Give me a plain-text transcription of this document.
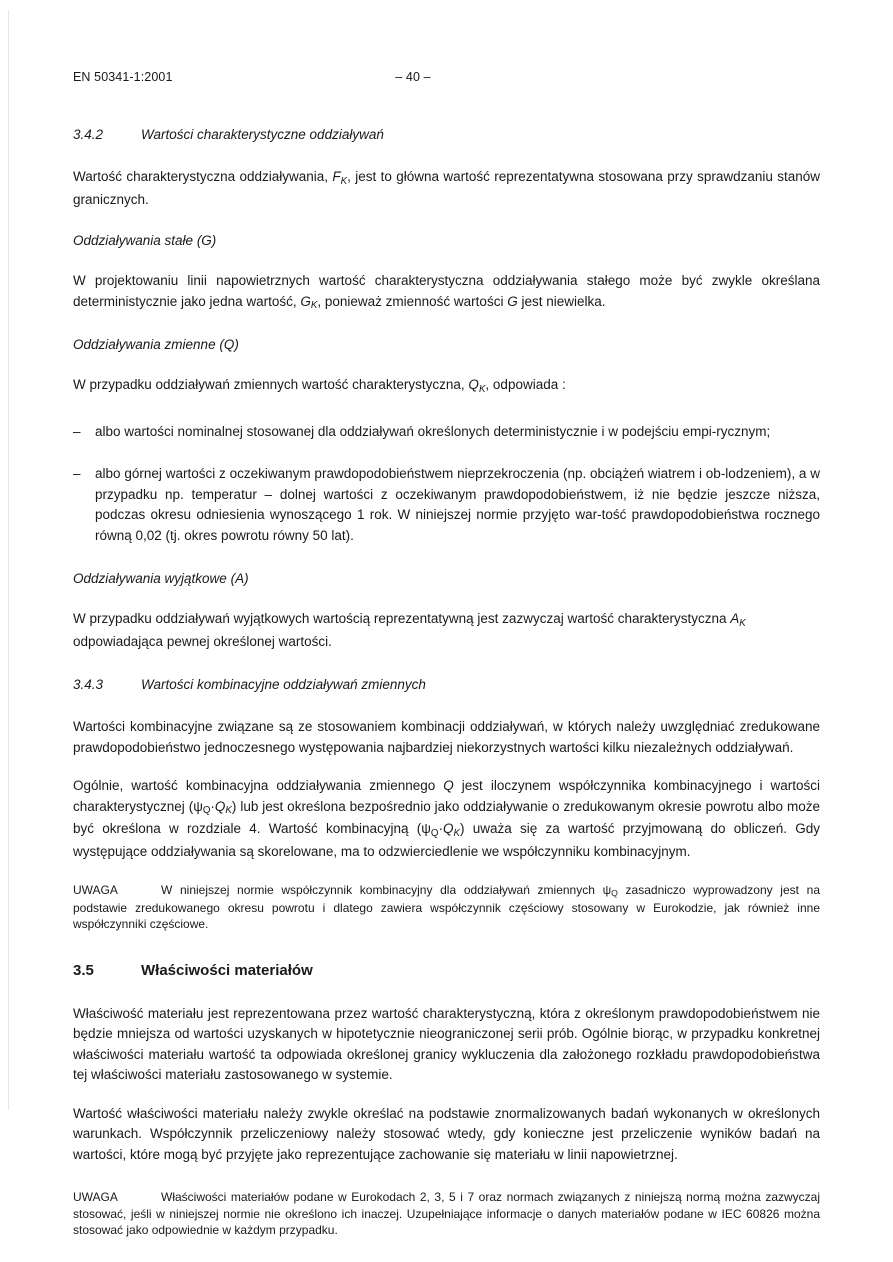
EN 50341-1:2001	– 40 –
3.4.2	Wartości charakterystyczne oddziaływań

Wartość charakterystyczna oddziaływania, $F_K$, jest to główna wartość reprezentatywna stosowana przy sprawdzaniu stanów granicznych.

Oddziaływania stałe (G)

W projektowaniu linii napowietrznych wartość charakterystyczna oddziaływania stałego może być zwykle określana deterministycznie jako jedna wartość, $G_K$, ponieważ zmienność wartości G jest niewielka.

Oddziaływania zmienne (Q)

W przypadku oddziaływań zmiennych wartość charakterystyczna, $Q_K$, odpowiada :

– albo wartości nominalnej stosowanej dla oddziaływań określonych deterministycznie i w podejściu empi-rycznym;
– albo górnej wartości z oczekiwanym prawdopodobieństwem nieprzekroczenia (np. obciążeń wiatrem i ob-lodzeniem), a w przypadku np. temperatur – dolnej wartości z oczekiwanym prawdopodobieństwem, iż nie będzie jeszcze niższa, podczas okresu odniesienia wynoszącego 1 rok. W niniejszej normie przyjęto war-tość prawdopodobieństwa rocznego równą 0,02 (tj. okres powrotu równy 50 lat).
Oddziaływania wyjątkowe (A)

W przypadku oddziaływań wyjątkowych wartością reprezentatywną jest zazwyczaj wartość charakterystyczna $A_K$ odpowiadająca pewnej określonej wartości.

3.4.3	Wartości kombinacyjne oddziaływań zmiennych

Wartości kombinacyjne związane są ze stosowaniem kombinacji oddziaływań, w których należy uwzględniać zredukowane prawdopodobieństwo jednoczesnego występowania najbardziej niekorzystnych wartości kilku niezależnych oddziaływań.

Ogólnie, wartość kombinacyjna oddziaływania zmiennego Q jest iloczynem współczynnika kombinacyjnego i wartości charakterystycznej $(\psi_Q\cdot Q_K)$ lub jest określona bezpośrednio jako oddziaływanie o zredukowanym okresie powrotu albo może być określona w rozdziale 4. Wartość kombinacyjną $(\psi_Q\cdot Q_K)$ uważa się za wartość przyjmowaną do obliczeń. Gdy występujące oddziaływania są skorelowane, ma to odzwierciedlenie we współczynniku kombinacyjnym.

UWAGA	W niniejszej normie współczynnik kombinacyjny dla oddziaływań zmiennych $\psi_Q$ zasadniczo wyprowadzony jest na podstawie zredukowanego okresu powrotu i dlatego zawiera współczynnik częściowy stosowany w Eurokodzie, jak również inne współczynniki częściowe.

3.5	Właściwości materiałów

Właściwość materiału jest reprezentowana przez wartość charakterystyczną, która z określonym prawdopodobieństwem nie będzie mniejsza od wartości uzyskanych w hipotetycznie nieograniczonej serii prób. Ogólnie biorąc, w przypadku konkretnej właściwości materiału wartość ta odpowiada określonej granicy wykluczenia dla założonego rozkładu prawdopodobieństwa tej właściwości materiału zastosowanego w systemie.

Wartość właściwości materiału należy zwykle określać na podstawie znormalizowanych badań wykonanych w określonych warunkach. Współczynnik przeliczeniowy należy stosować wtedy, gdy konieczne jest przeliczenie wyników badań na wartości, które mogą być przyjęte jako reprezentujące zachowanie się materiału w linii napowietrznej.

UWAGA	Właściwości materiałów podane w Eurokodach 2, 3, 5 i 7 oraz normach związanych z niniejszą normą można zazwyczaj stosować, jeśli w niniejszej normie nie określono ich inaczej. Uzupełniające informacje o danych materiałów podane w IEC 60826 można stosować jako odpowiednie w każdym przypadku.
